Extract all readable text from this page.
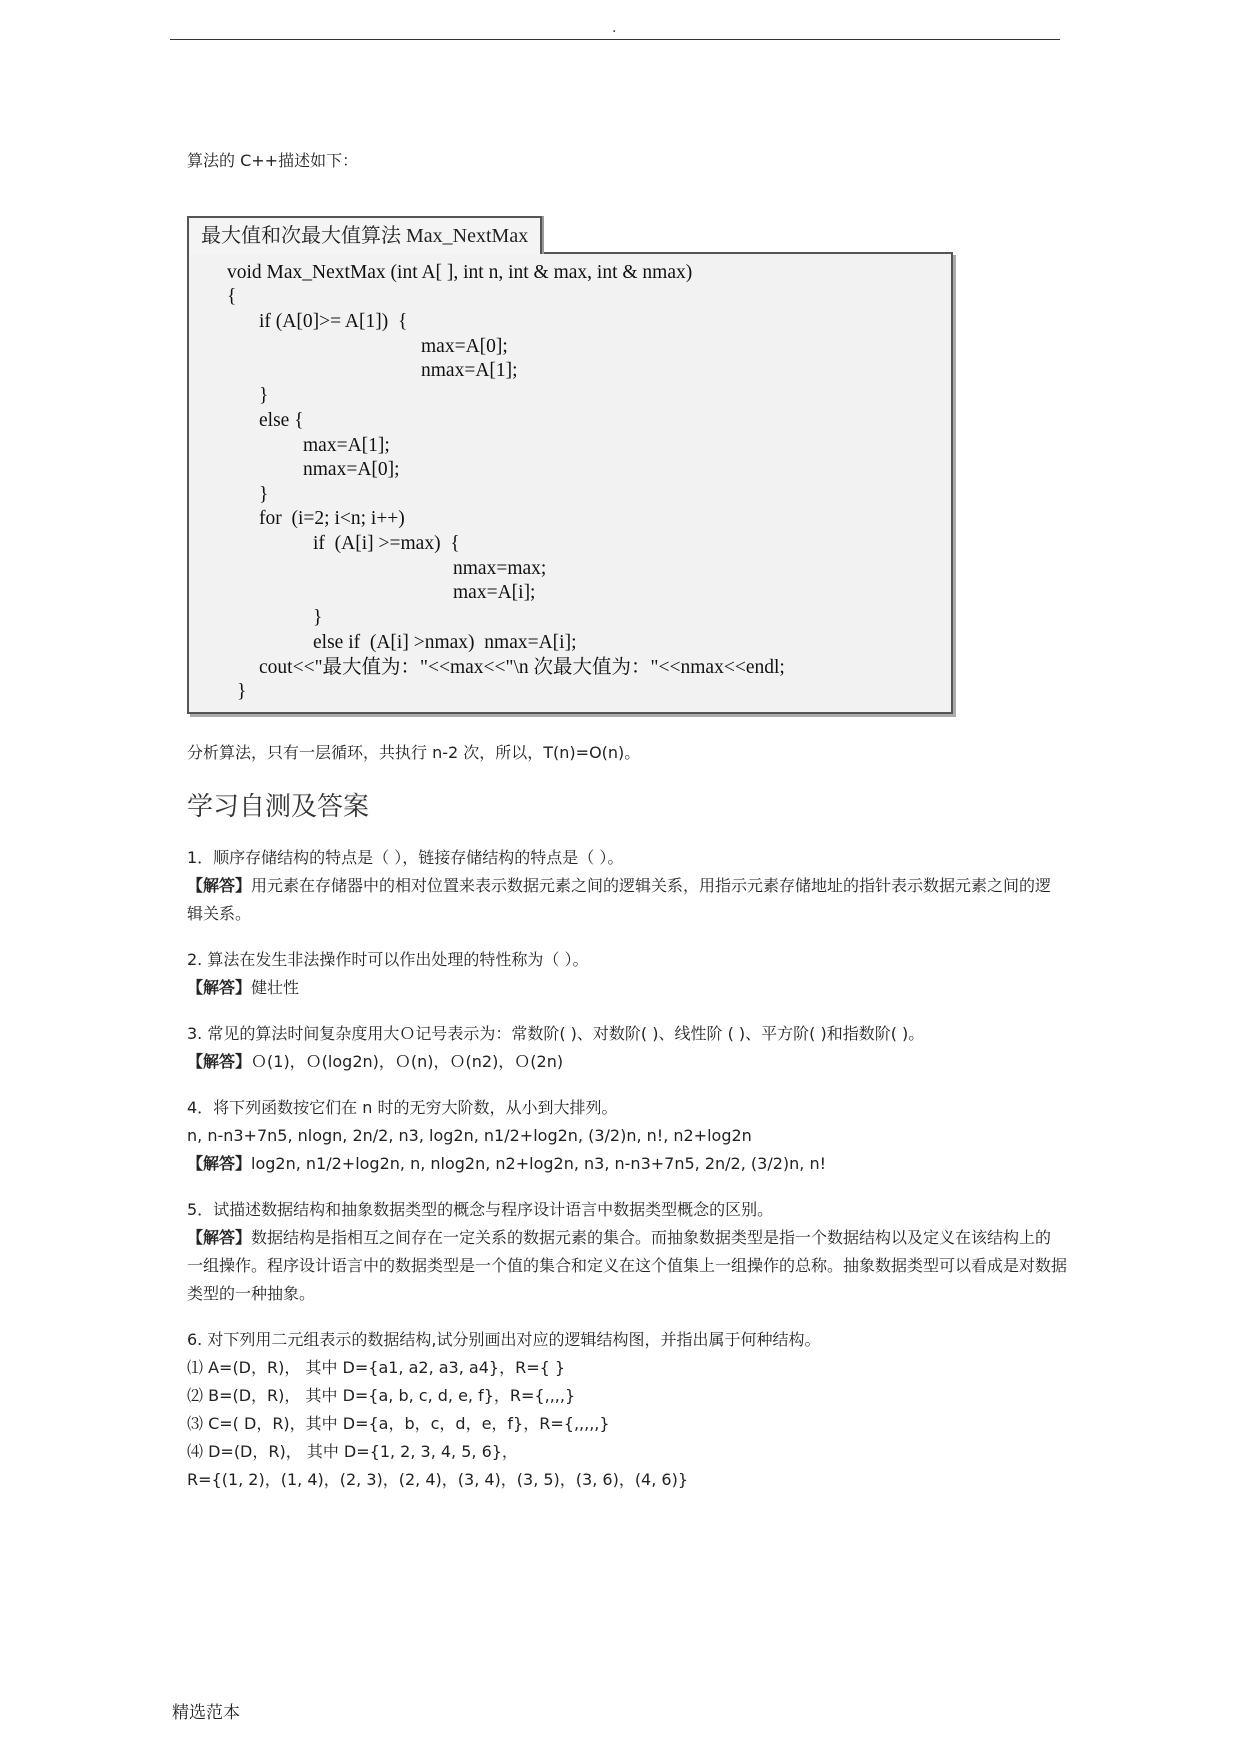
.

算法的 C++描述如下：

最大值和次最大值算法 Max_NextMax
void Max_NextMax (int A[ ], int n, int & max, int & nmax)
{
if (A[0]>= A[1])  {
max=A[0];
nmax=A[1];
}
else {
max=A[1];
nmax=A[0];
}
for  (i=2; i<n; i++)
if  (A[i] >=max)  {
nmax=max;
max=A[i];
}
else if  (A[i] >nmax)  nmax=A[i];
cout<<"最大值为："<<max<<"\n 次最大值为："<<nmax<<endl;
}

分析算法，只有一层循环，共执行 n-2 次，所以，T(n)=O(n)。

学习自测及答案

1．顺序存储结构的特点是（ ），链接存储结构的特点是（ ）。

【解答】用元素在存储器中的相对位置来表示数据元素之间的逻辑关系，用指示元素存储地址的指针表示数据元素之间的逻辑关系。

2. 算法在发生非法操作时可以作出处理的特性称为（ ）。

【解答】健壮性

3. 常见的算法时间复杂度用大Ｏ记号表示为：常数阶( )、对数阶( )、线性阶 ( )、平方阶( )和指数阶( )。

【解答】Ｏ(1)，Ｏ(log2n)，Ｏ(n)，Ｏ(n2)，Ｏ(2n)

4．将下列函数按它们在 n 时的无穷大阶数，从小到大排列。

n, n-n3+7n5, nlogn, 2n/2, n3, log2n, n1/2+log2n, (3/2)n, n!, n2+log2n

【解答】log2n, n1/2+log2n, n, nlog2n, n2+log2n, n3, n-n3+7n5, 2n/2, (3/2)n, n!

5．试描述数据结构和抽象数据类型的概念与程序设计语言中数据类型概念的区别。

【解答】数据结构是指相互之间存在一定关系的数据元素的集合。而抽象数据类型是指一个数据结构以及定义在该结构上的一组操作。程序设计语言中的数据类型是一个值的集合和定义在这个值集上一组操作的总称。抽象数据类型可以看成是对数据类型的一种抽象。

6. 对下列用二元组表示的数据结构,试分别画出对应的逻辑结构图，并指出属于何种结构。

⑴ A=(D，R)， 其中 D={a1, a2, a3, a4}，R={ }

⑵ B=(D，R)， 其中 D={a, b, c, d, e, f}，R={,,,,}

⑶ C=( D，R)，其中 D={a，b，c，d，e，f}，R={,,,,,}

⑷ D=(D，R)， 其中 D={1, 2, 3, 4, 5, 6}，

R={(1, 2)，(1, 4)，(2, 3)，(2, 4)，(3, 4)，(3, 5)，(3, 6)，(4, 6)}

精选范本
